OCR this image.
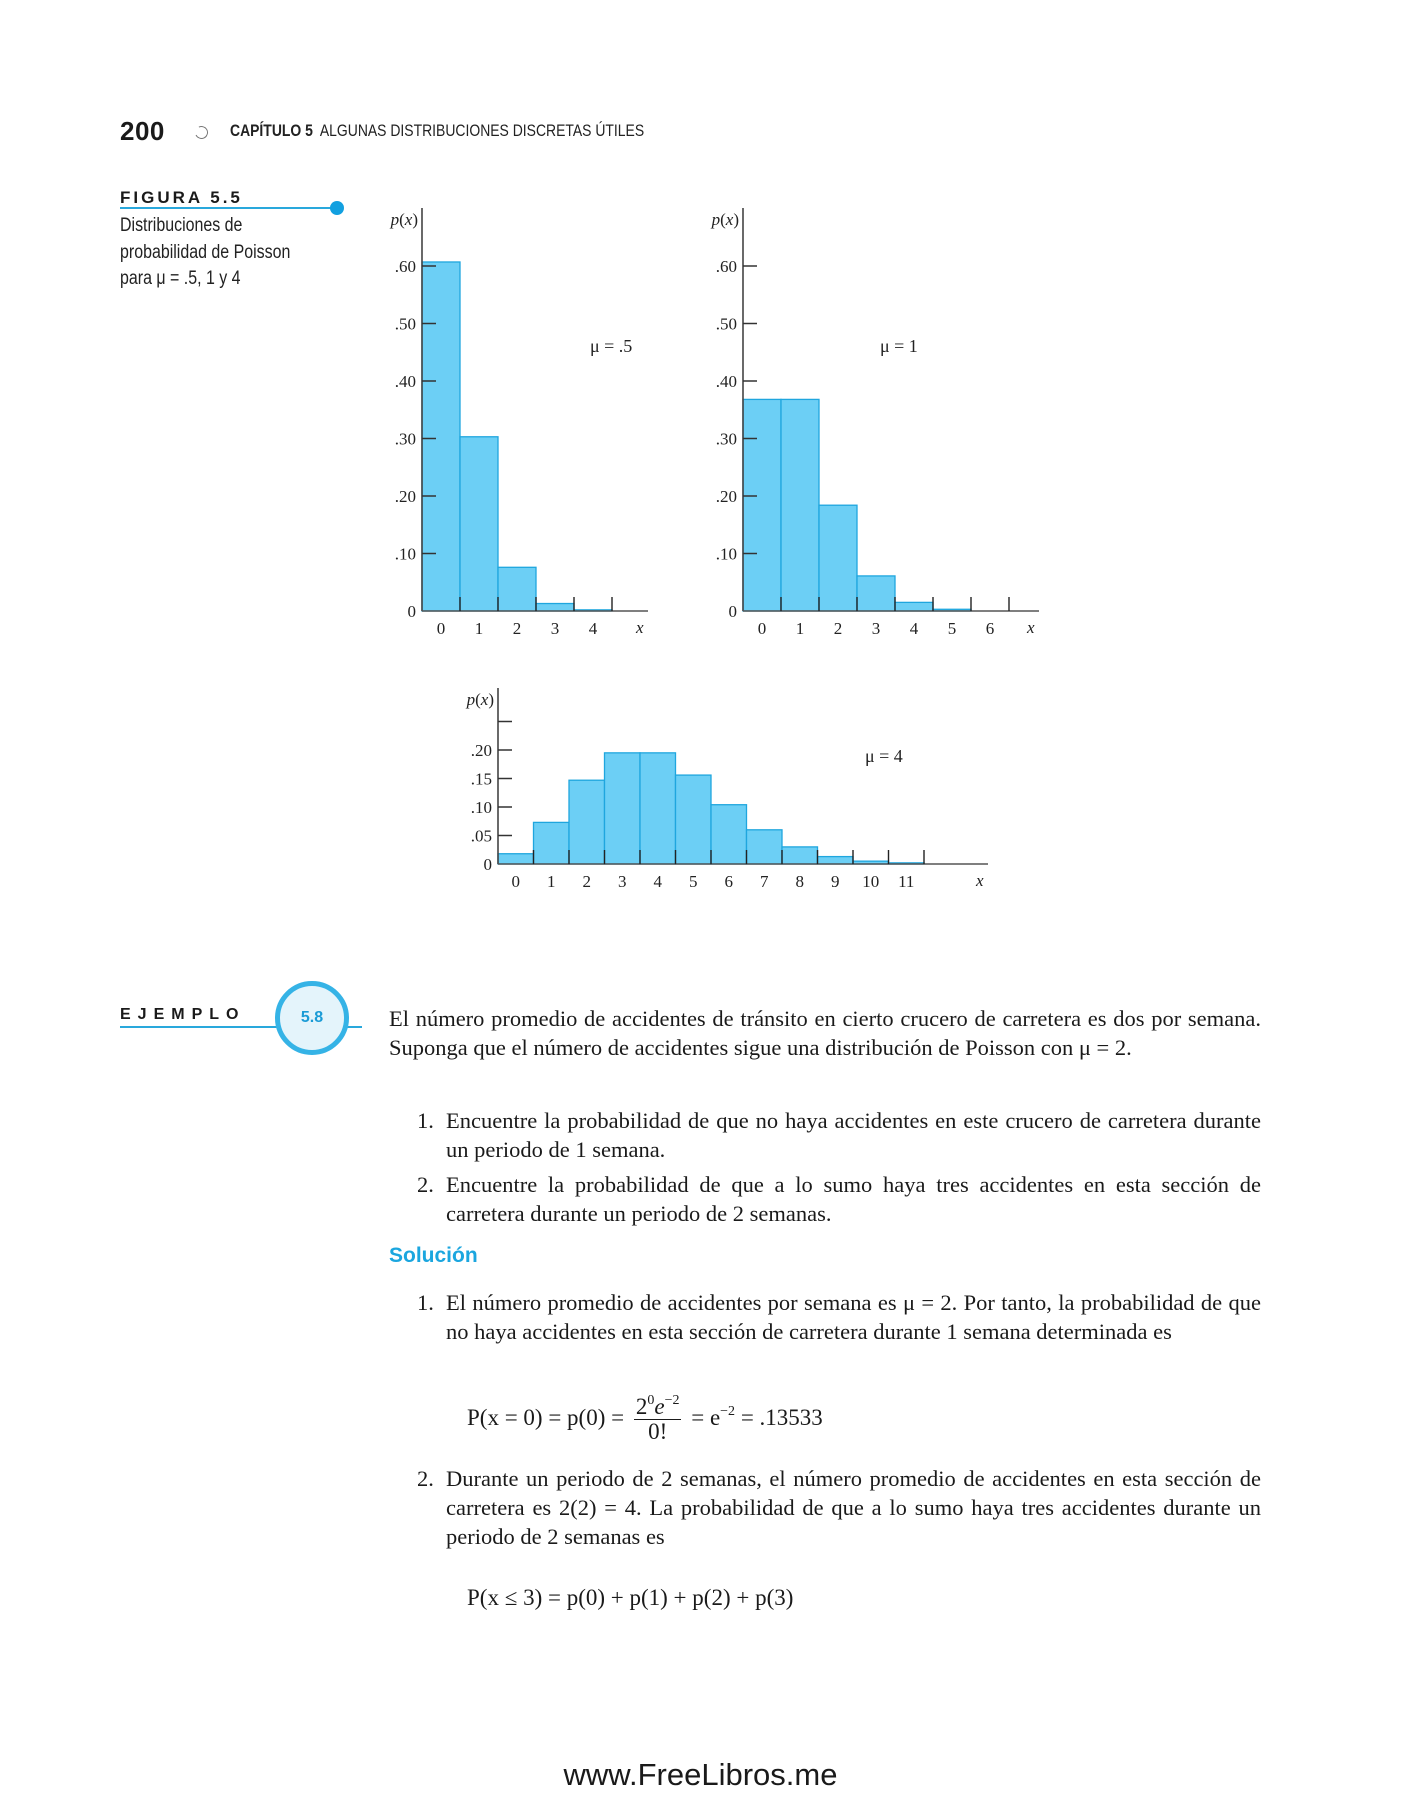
200	CAPÍTULO 5 ALGUNAS DISTRIBUCIONES DISCRETAS ÚTILES
FIGURA 5.5
Distribuciones de
probabilidad de Poisson
para μ = .5, 1 y 4
0
.10
.20
.30
.40
.50
.60
0 1 2 3 4 x
p(x)
μ = .5
0
.10
.20
.30
.40
.50
.60
0 1 2 3 4 5 6 x
p(x)
μ = 1
0
.05
.10
.15
.20
0 1 2 3 4 5 6 7 8 9 10 11	x
p(x)
μ = 4
EJEMPLO	5.8	El número promedio de accidentes de tránsito en cierto crucero de carretera es dos por semana. Suponga que el número de accidentes sigue una distribución de Poisson con μ = 2.
1. Encuentre la probabilidad de que no haya accidentes en este crucero de carretera durante un periodo de 1 semana.
2. Encuentre la probabilidad de que a lo sumo haya tres accidentes en esta sección de carretera durante un periodo de 2 semanas.
Solución
1. El número promedio de accidentes por semana es μ = 2. Por tanto, la probabilidad de que no haya accidentes en esta sección de carretera durante 1 semana determinada es
$P(x = 0) = p(0) = \frac{2^0e^{-2}}{0!} = e^{-2} = .13533$
2. Durante un periodo de 2 semanas, el número promedio de accidentes en esta sección de carretera es 2(2) = 4. La probabilidad de que a lo sumo haya tres accidentes durante un periodo de 2 semanas es
P(x ≤ 3) = p(0) + p(1) + p(2) + p(3)
www.FreeLibros.me
